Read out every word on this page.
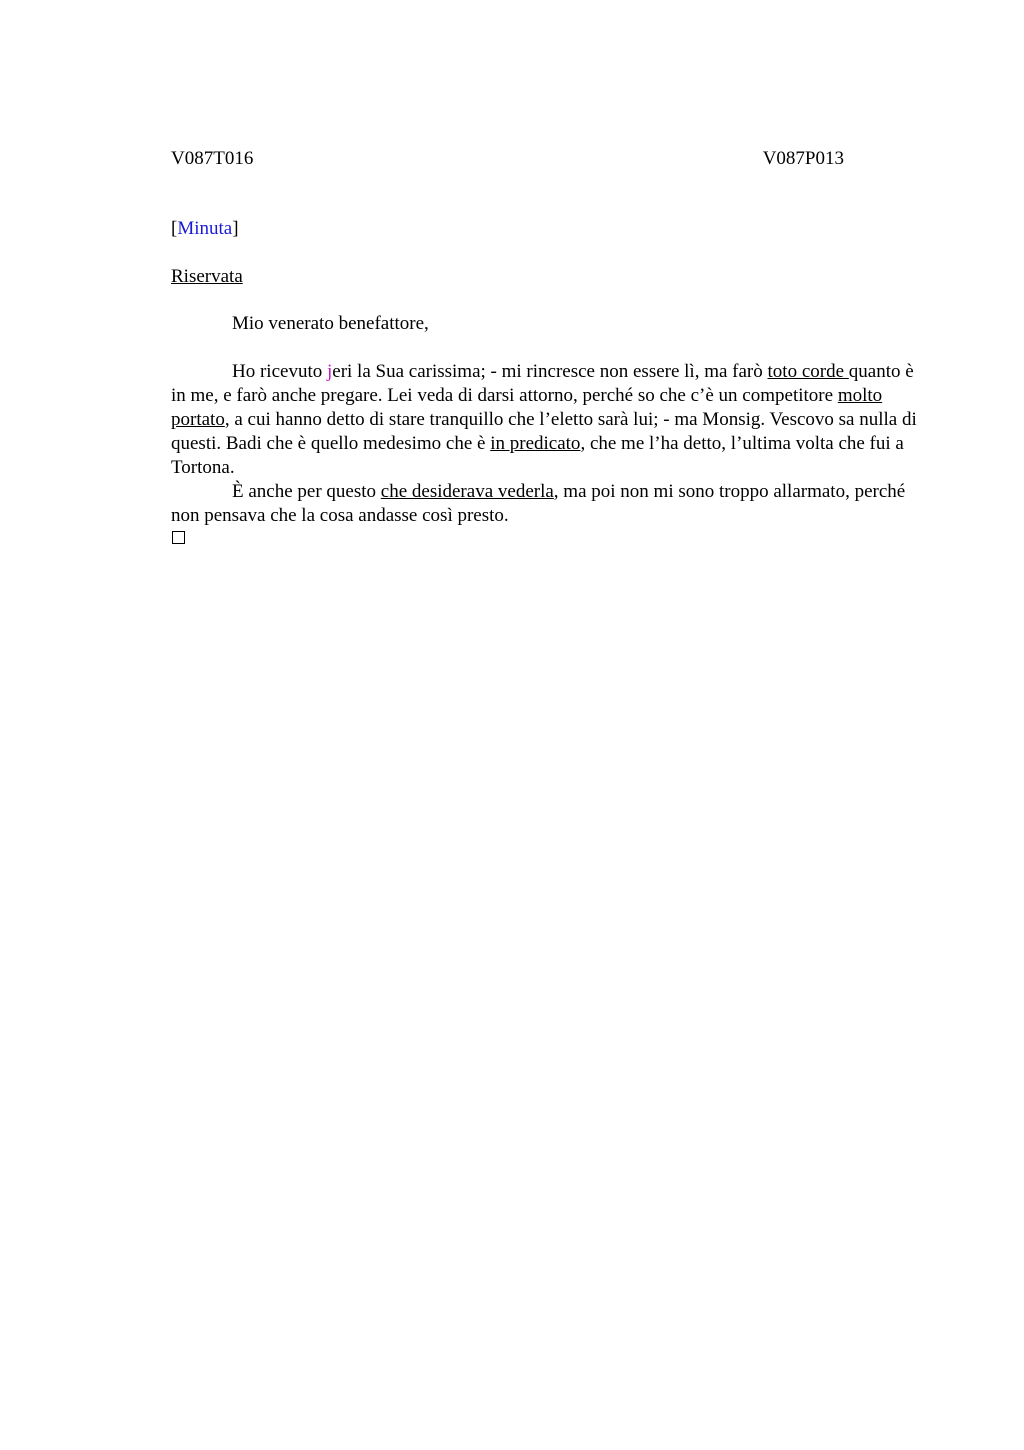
V087T016	V087P013
[Minuta]
Riservata
Mio venerato benefattore,

Ho ricevuto jeri la Sua carissima; - mi rincresce non essere lì, ma farò toto corde quanto è in me, e farò anche pregare. Lei veda di darsi attorno, perché so che c’è un competitore molto portato, a cui hanno detto di stare tranquillo che l’eletto sarà lui; - ma Monsig. Vescovo sa nulla di questi. Badi che è quello medesimo che è in predicato, che me l’ha detto, l’ultima volta che fui a Tortona.

È anche per questo che desiderava vederla, ma poi non mi sono troppo allarmato, perché non pensava che la cosa andasse così presto.
